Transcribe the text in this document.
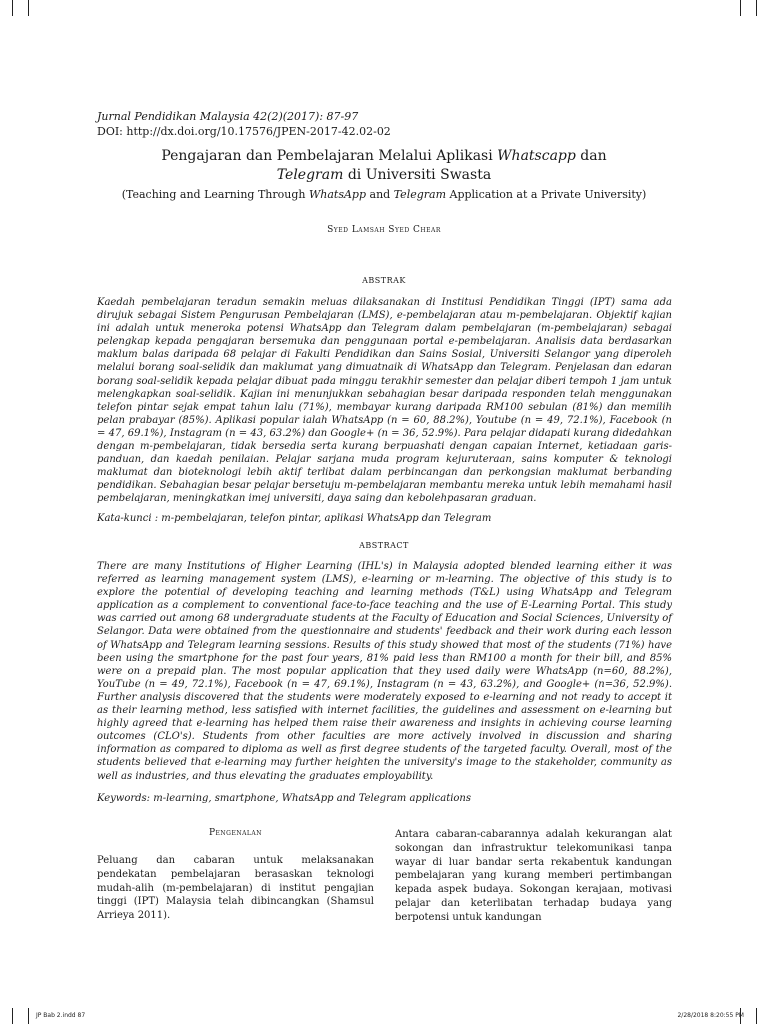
Jurnal Pendidikan Malaysia 42(2)(2017): 87-97
DOI: http://dx.doi.org/10.17576/JPEN-2017-42.02-02
Pengajaran dan Pembelajaran Melalui Aplikasi Whatscapp dan
Telegram di Universiti Swasta
(Teaching and Learning Through WhatsApp and Telegram Application at a Private University)
Syed Lamsah Syed Chear
ABSTRAK

Kaedah pembelajaran teradun semakin meluas dilaksanakan di Institusi Pendidikan Tinggi (IPT) sama ada dirujuk sebagai Sistem Pengurusan Pembelajaran (LMS), e-pembelajaran atau m-pembelajaran. Objektif kajian ini adalah untuk meneroka potensi WhatsApp dan Telegram dalam pembelajaran (m-pembelajaran) sebagai pelengkap kepada pengajaran bersemuka dan penggunaan portal e-pembelajaran. Analisis data berdasarkan maklum balas daripada 68 pelajar di Fakulti Pendidikan dan Sains Sosial, Universiti Selangor yang diperoleh melalui borang soal-selidik dan maklumat yang dimuatnaik di WhatsApp dan Telegram. Penjelasan dan edaran borang soal-selidik kepada pelajar dibuat pada minggu terakhir semester dan pelajar diberi tempoh 1 jam untuk melengkapkan soal-selidik. Kajian ini menunjukkan sebahagian besar daripada responden telah menggunakan telefon pintar sejak empat tahun lalu (71%), membayar kurang daripada RM100 sebulan (81%) dan memilih pelan prabayar (85%). Aplikasi popular ialah WhatsApp (n = 60, 88.2%), Youtube (n = 49, 72.1%), Facebook (n = 47, 69.1%), Instagram (n = 43, 63.2%) dan Google+ (n = 36, 52.9%). Para pelajar didapati kurang didedahkan dengan m-pembelajaran, tidak bersedia serta kurang berpuashati dengan capaian Internet, ketiadaan garis-panduan, dan kaedah penilaian. Pelajar sarjana muda program kejuruteraan, sains komputer & teknologi maklumat dan bioteknologi lebih aktif terlibat dalam perbincangan dan perkongsian maklumat berbanding pendidikan. Sebahagian besar pelajar bersetuju m-pembelajaran membantu mereka untuk lebih memahami hasil pembelajaran, meningkatkan imej universiti, daya saing dan kebolehpasaran graduan.

Kata-kunci : m-pembelajaran, telefon pintar, aplikasi WhatsApp dan Telegram

ABSTRACT

There are many Institutions of Higher Learning (IHL's) in Malaysia adopted blended learning either it was referred as learning management system (LMS), e-learning or m-learning. The objective of this study is to explore the potential of developing teaching and learning methods (T&L) using WhatsApp and Telegram application as a complement to conventional face-to-face teaching and the use of E-Learning Portal. This study was carried out among 68 undergraduate students at the Faculty of Education and Social Sciences, University of Selangor. Data were obtained from the questionnaire and students' feedback and their work during each lesson of WhatsApp and Telegram learning sessions. Results of this study showed that most of the students (71%) have been using the smartphone for the past four years, 81% paid less than RM100 a month for their bill, and 85% were on a prepaid plan. The most popular application that they used daily were WhatsApp (n=60, 88.2%), YouTube (n = 49, 72.1%), Facebook (n = 47, 69.1%), Instagram (n = 43, 63.2%), and Google+ (n=36, 52.9%). Further analysis discovered that the students were moderately exposed to e-learning and not ready to accept it as their learning method, less satisfied with internet facilities, the guidelines and assessment on e-learning but highly agreed that e-learning has helped them raise their awareness and insights in achieving course learning outcomes (CLO's). Students from other faculties are more actively involved in discussion and sharing information as compared to diploma as well as first degree students of the targeted faculty. Overall, most of the students believed that e-learning may further heighten the university's image to the stakeholder, community as well as industries, and thus elevating the graduates employability.

Keywords: m-learning, smartphone, WhatsApp and Telegram applications

Pengenalan

Peluang dan cabaran untuk melaksanakan pendekatan pembelajaran berasaskan teknologi mudah-alih (m-pembelajaran) di institut pengajian tinggi (IPT) Malaysia telah dibincangkan (Shamsul Arrieya 2011).

Antara cabaran-cabarannya adalah kekurangan alat sokongan dan infrastruktur telekomunikasi tanpa wayar di luar bandar serta rekabentuk kandungan pembelajaran yang kurang memberi pertimbangan kepada aspek budaya. Sokongan kerajaan, motivasi pelajar dan keterlibatan terhadap budaya yang berpotensi untuk kandungan

JP Bab 2.indd 87	2/28/2018 8:20:55 PM
